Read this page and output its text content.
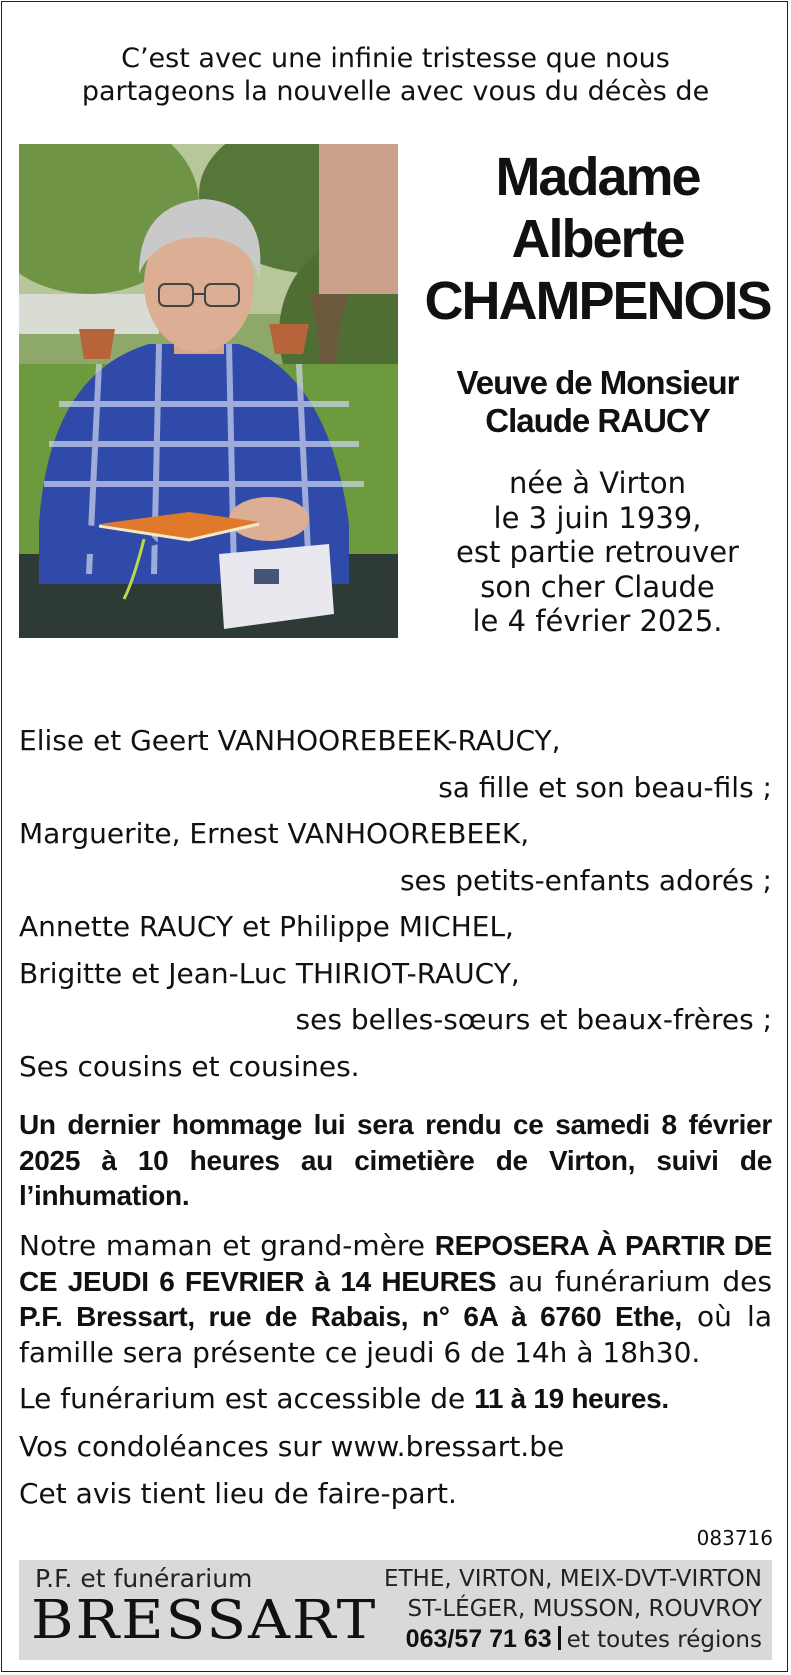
C’est avec une infinie tristesse que nous
partageons la nouvelle avec vous du décès de
Madame
Alberte
CHAMPENOIS
Veuve de Monsieur
Claude RAUCY
née à Virton
le 3 juin 1939,
est partie retrouver
son cher Claude
le 4 février 2025.
Elise et Geert VANHOOREBEEK-RAUCY,
sa fille et son beau-fils ;
Marguerite, Ernest VANHOOREBEEK,
ses petits-enfants adorés ;
Annette RAUCY et Philippe MICHEL,
Brigitte et Jean-Luc THIRIOT-RAUCY,
ses belles-sœurs et beaux-frères ;
Ses cousins et cousines.
Un dernier hommage lui sera rendu ce samedi 8 février 2025 à 10 heures au cimetière de Virton, suivi de l’inhumation.
Notre maman et grand-mère REPOSERA À PARTIR DE CE JEUDI 6 FEVRIER à 14 HEURES au funérarium des P.F. Bressart, rue de Rabais, n° 6A à 6760 Ethe, où la famille sera présente ce jeudi 6 de 14h à 18h30.
Le funérarium est accessible de 11 à 19 heures.
Vos condoléances sur www.bressart.be
Cet avis tient lieu de faire-part.
083716
P.F. et funérarium
BRESSART
ETHE, VIRTON, MEIX-DVT-VIRTON
ST-LÉGER, MUSSON, ROUVROY
063/57 71 63 et toutes régions
